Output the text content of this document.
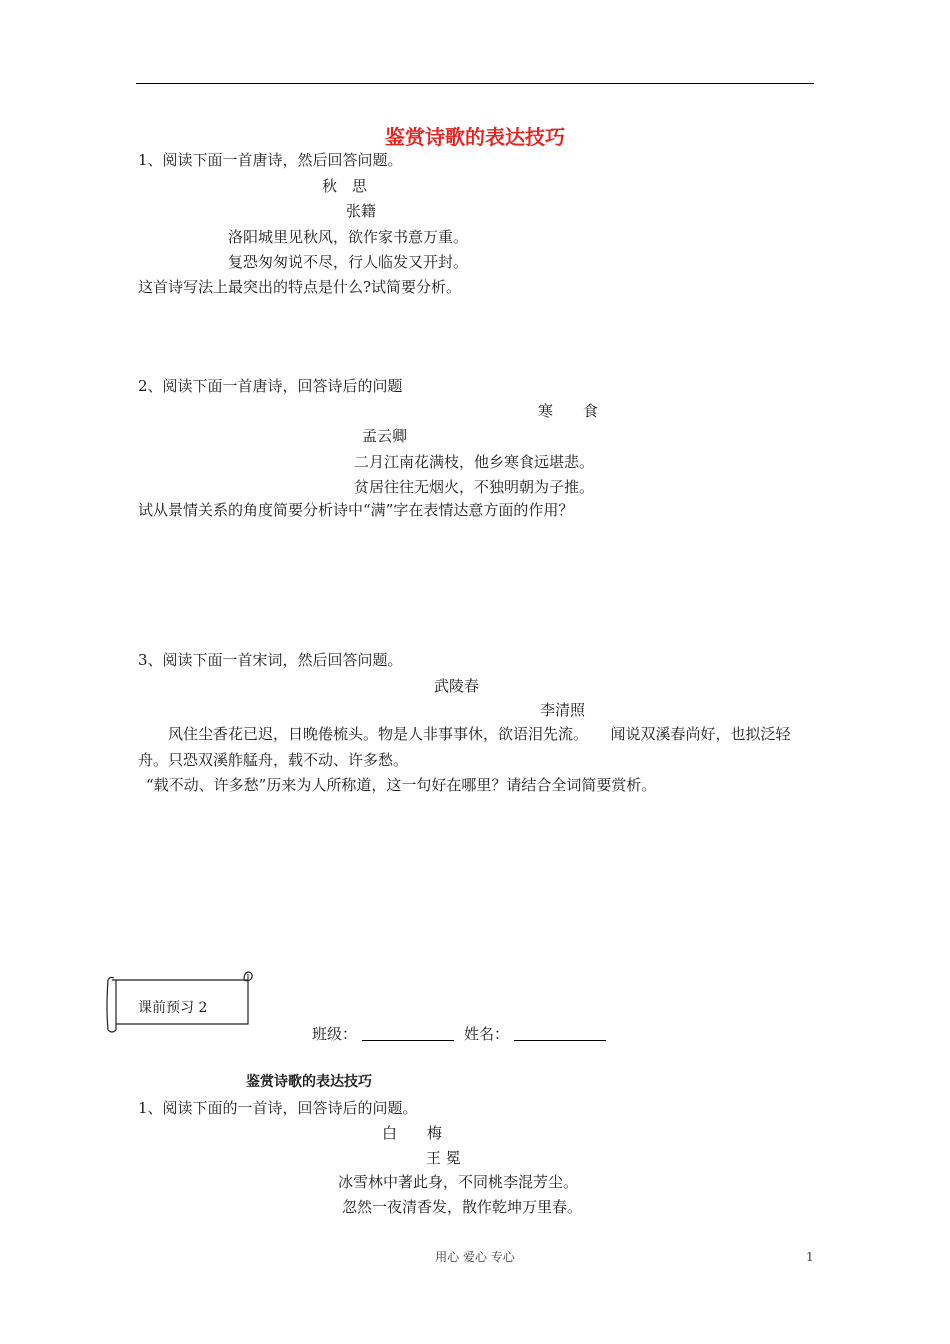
鉴赏诗歌的表达技巧
1、阅读下面一首唐诗，然后回答问题。
秋　思
张籍
洛阳城里见秋风，欲作家书意万重。
复恐匆匆说不尽，行人临发又开封。
这首诗写法上最突出的特点是什么?试简要分析。
2、阅读下面一首唐诗，回答诗后的问题
寒　　食
孟云卿
二月江南花满枝，他乡寒食远堪悲。
贫居往往无烟火，不独明朝为子推。
试从景情关系的角度简要分析诗中“满”字在表情达意方面的作用？
3、阅读下面一首宋词，然后回答问题。
武陵春
李清照
风住尘香花已迟，日晚倦梳头。物是人非事事休，欲语泪先流。　　闻说双溪春尚好，也拟泛轻舟。只恐双溪舴艋舟，载不动、许多愁。
“载不动、许多愁”历来为人所称道，这一句好在哪里？请结合全词简要赏析。
课前预习 2
班级：	姓名：
鉴赏诗歌的表达技巧
1、阅读下面的一首诗，回答诗后的问题。
白　　梅
王 冕
冰雪林中著此身，不同桃李混芳尘。
忽然一夜清香发，散作乾坤万里春。
用心 爱心 专心	1
